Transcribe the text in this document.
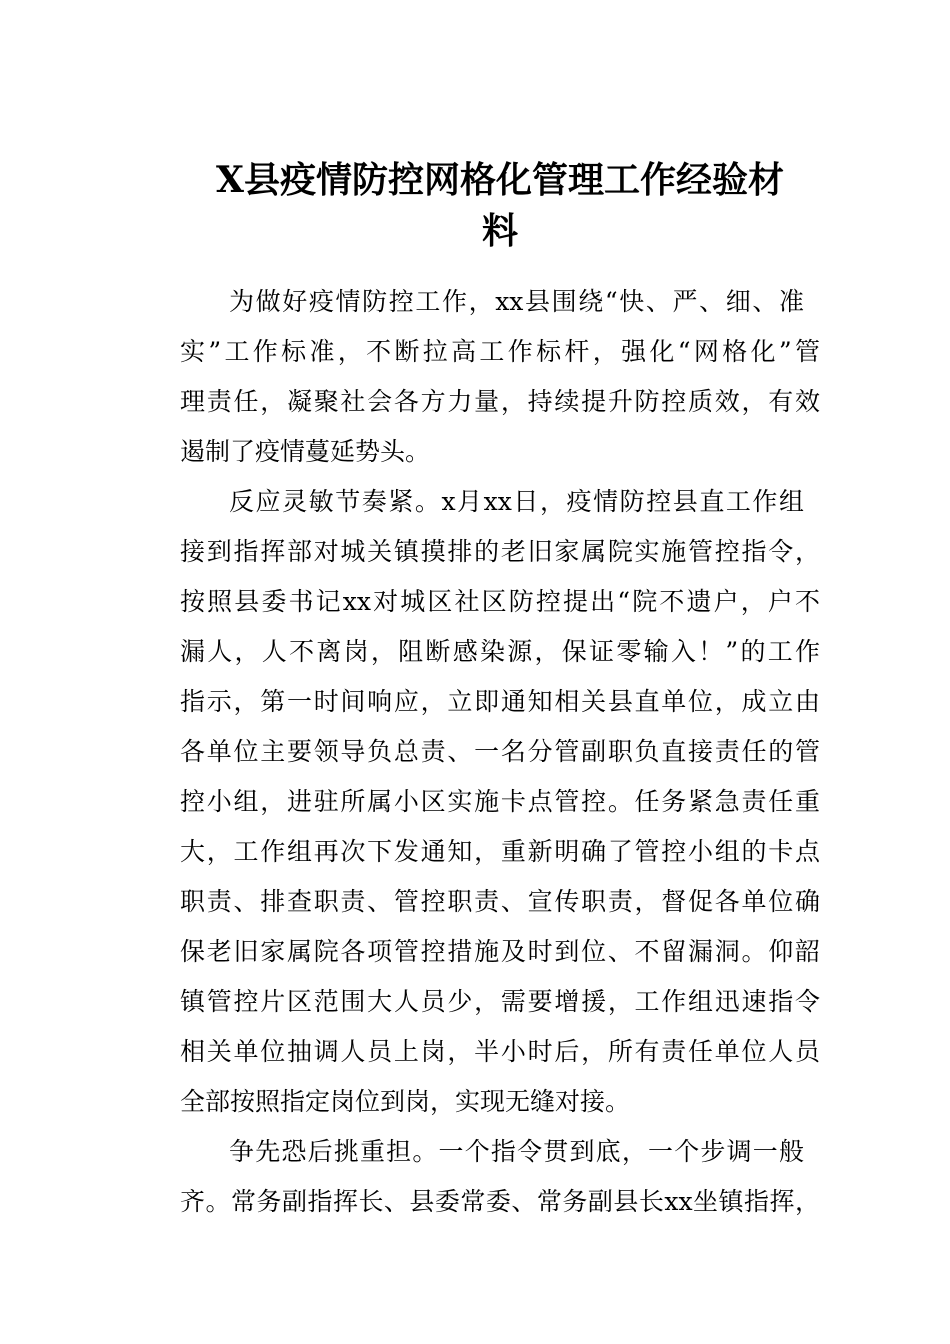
X县疫情防控网格化管理工作经验材
料
为做好疫情防控工作，xx县围绕“快、严、细、准
实”工作标准，不断拉高工作标杆，强化“网格化”管
理责任，凝聚社会各方力量，持续提升防控质效，有效
遏制了疫情蔓延势头。
反应灵敏节奏紧。x月xx日，疫情防控县直工作组
接到指挥部对城关镇摸排的老旧家属院实施管控指令，
按照县委书记xx对城区社区防控提出“院不遗户，户不
漏人，人不离岗，阻断感染源，保证零输入！”的工作
指示，第一时间响应，立即通知相关县直单位，成立由
各单位主要领导负总责、一名分管副职负直接责任的管
控小组，进驻所属小区实施卡点管控。任务紧急责任重
大，工作组再次下发通知，重新明确了管控小组的卡点
职责、排查职责、管控职责、宣传职责，督促各单位确
保老旧家属院各项管控措施及时到位、不留漏洞。仰韶
镇管控片区范围大人员少，需要增援，工作组迅速指令
相关单位抽调人员上岗，半小时后，所有责任单位人员
全部按照指定岗位到岗，实现无缝对接。
争先恐后挑重担。一个指令贯到底，一个步调一般
齐。常务副指挥长、县委常委、常务副县长xx坐镇指挥，
